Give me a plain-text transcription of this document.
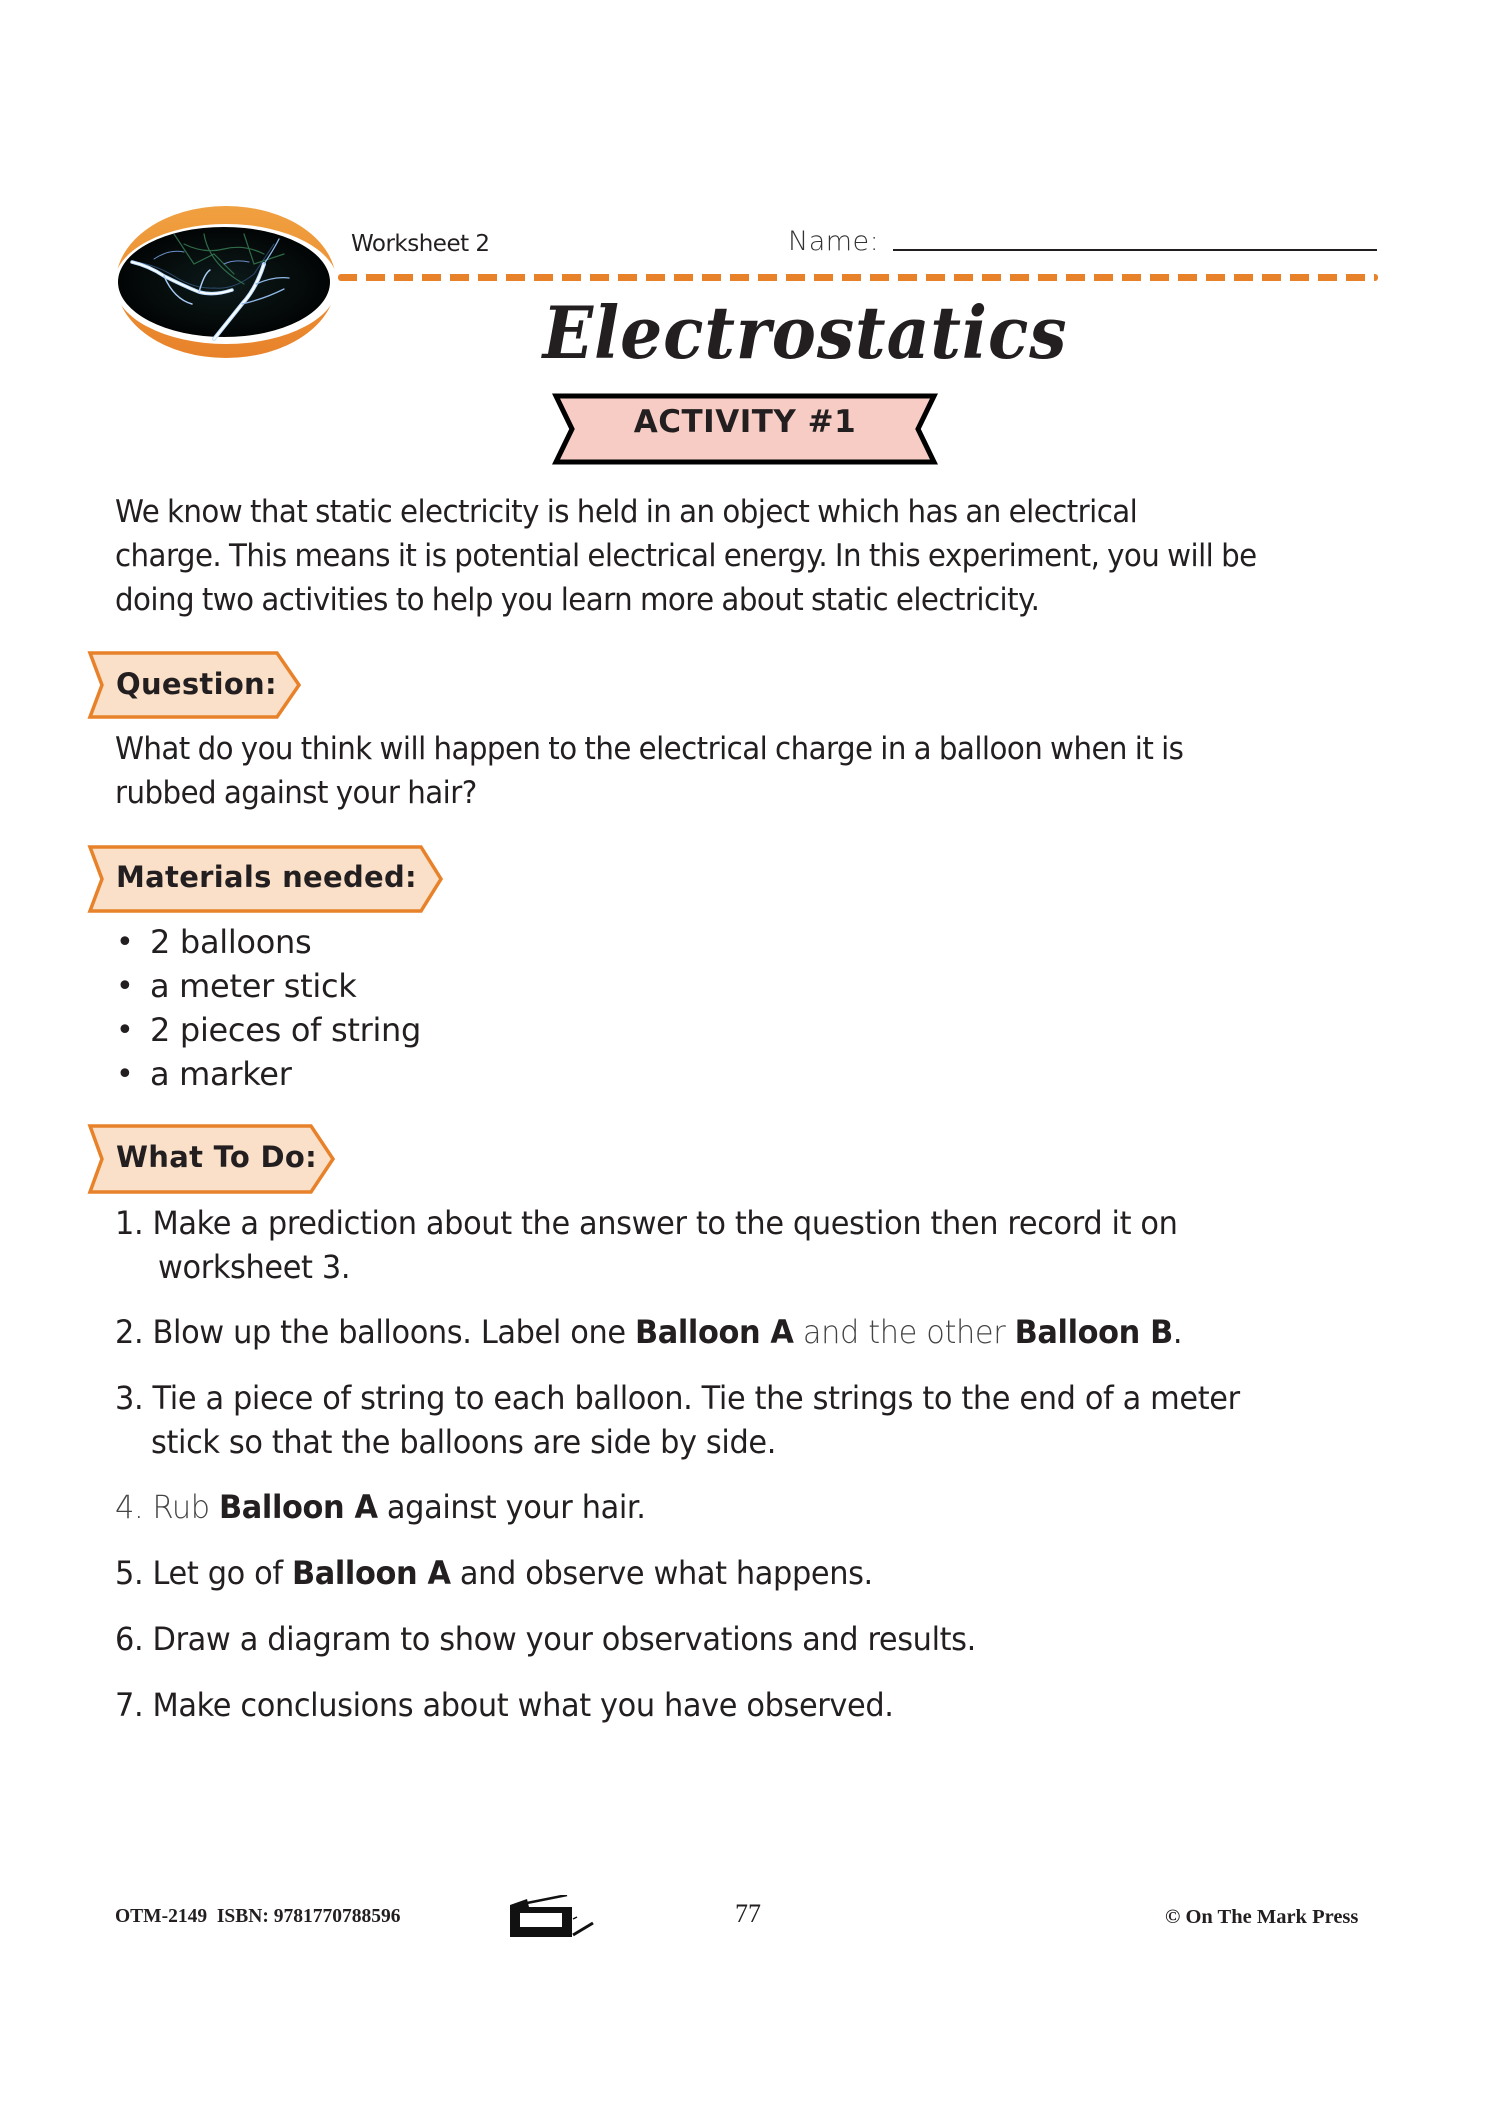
Worksheet 2	Name:
Electrostatics
ACTIVITY #1
We know that static electricity is held in an object which has an electrical
charge. This means it is potential electrical energy. In this experiment, you will be
doing two activities to help you learn more about static electricity.
Question:
What do you think will happen to the electrical charge in a balloon when it is
rubbed against your hair?
Materials needed:
• 2 balloons
• a meter stick
• 2 pieces of string
• a marker
What To Do:
1. Make a prediction about the answer to the question then record it on
worksheet 3.
2. Blow up the balloons. Label one Balloon A and the other Balloon B.
3. Tie a piece of string to each balloon. Tie the strings to the end of a meter
stick so that the balloons are side by side.
4. Rub Balloon A against your hair.
5. Let go of Balloon A and observe what happens.
6. Draw a diagram to show your observations and results.
7. Make conclusions about what you have observed.
OTM-2149  ISBN: 9781770788596	77	© On The Mark Press
